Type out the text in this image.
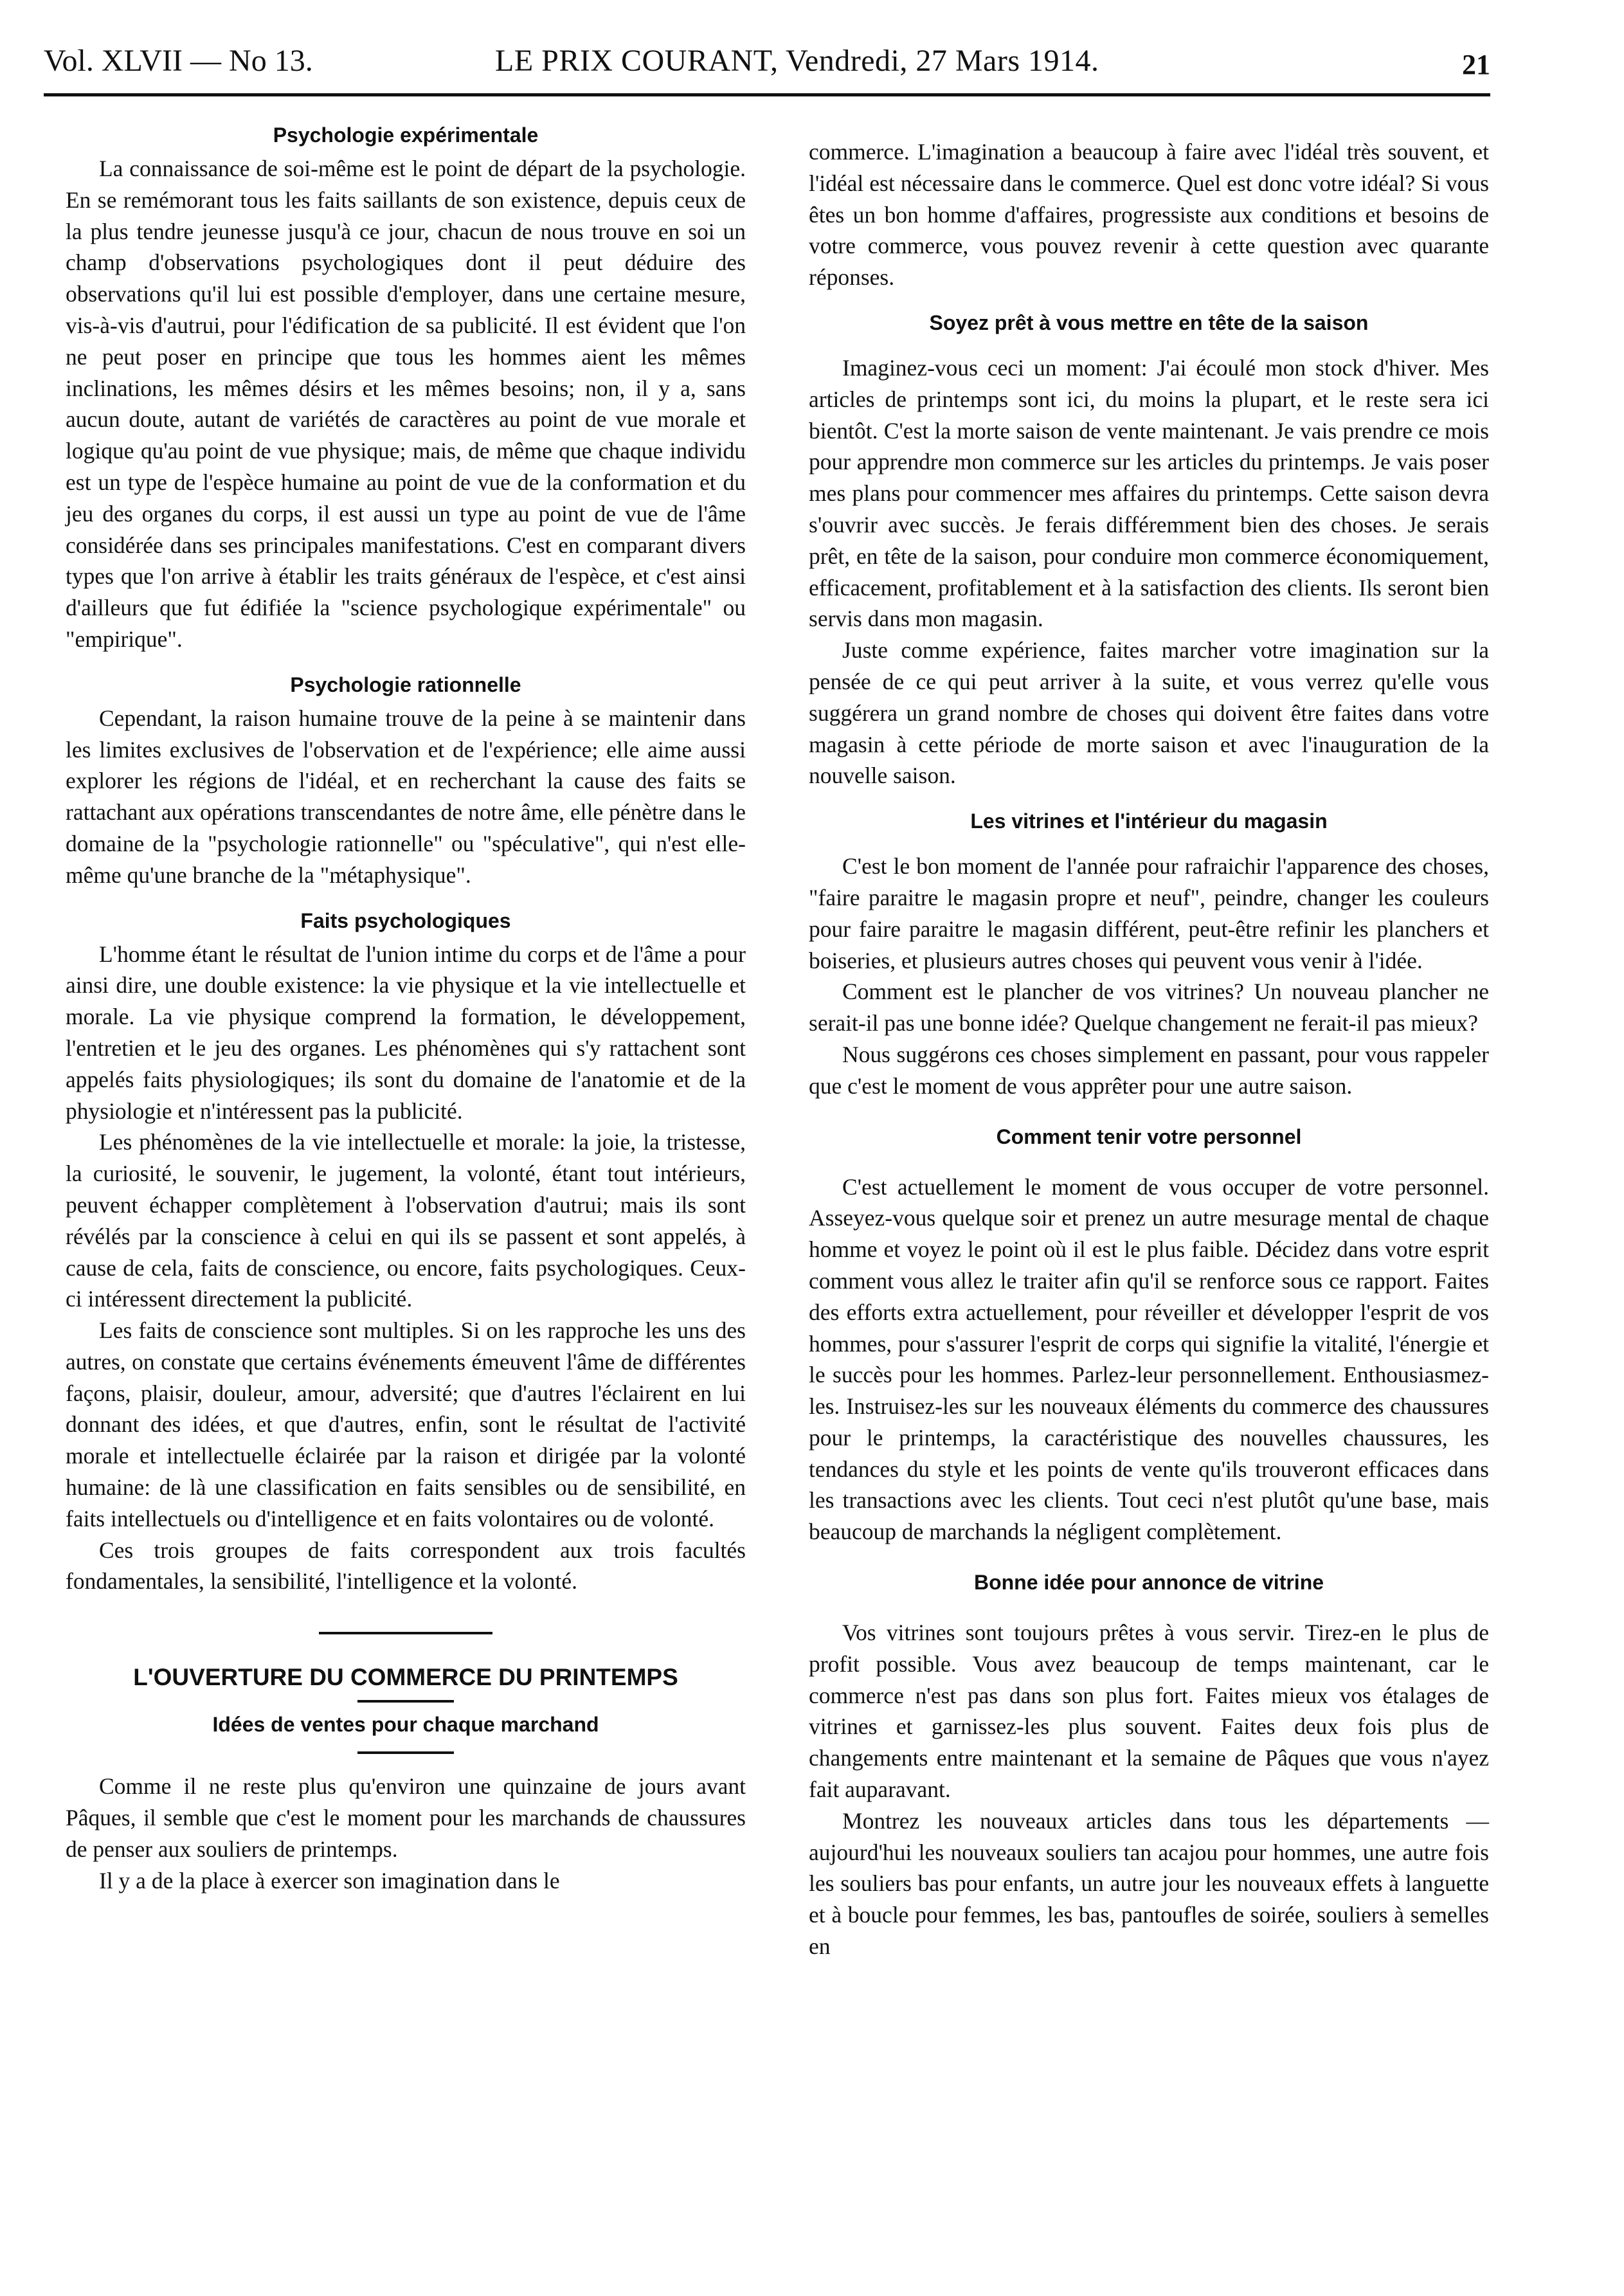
Vol. XLVII — No 13.	LE PRIX COURANT, Vendredi, 27 Mars 1914.	21
Psychologie expérimentale

La connaissance de soi-même est le point de départ de la psychologie. En se remémorant tous les faits saillants de son existence, depuis ceux de la plus tendre jeunesse jusqu'à ce jour, chacun de nous trouve en soi un champ d'observations psychologiques dont il peut déduire des observations qu'il lui est possible d'employer, dans une certaine mesure, vis-à-vis d'autrui, pour l'édification de sa publicité. Il est évident que l'on ne peut poser en principe que tous les hommes aient les mêmes inclinations, les mêmes désirs et les mêmes besoins; non, il y a, sans aucun doute, autant de variétés de caractères au point de vue morale et logique qu'au point de vue physique; mais, de même que chaque individu est un type de l'espèce humaine au point de vue de la conformation et du jeu des organes du corps, il est aussi un type au point de vue de l'âme considérée dans ses principales manifestations. C'est en comparant divers types que l'on arrive à établir les traits généraux de l'espèce, et c'est ainsi d'ailleurs que fut édifiée la "science psychologique expérimentale" ou "empirique".

Psychologie rationnelle

Cependant, la raison humaine trouve de la peine à se maintenir dans les limites exclusives de l'observation et de l'expérience; elle aime aussi explorer les régions de l'idéal, et en recherchant la cause des faits se rattachant aux opérations transcendantes de notre âme, elle pénètre dans le domaine de la "psychologie rationnelle" ou "spéculative", qui n'est elle-même qu'une branche de la "métaphysique".

Faits psychologiques

L'homme étant le résultat de l'union intime du corps et de l'âme a pour ainsi dire, une double existence: la vie physique et la vie intellectuelle et morale. La vie physique comprend la formation, le développement, l'entretien et le jeu des organes. Les phénomènes qui s'y rattachent sont appelés faits physiologiques; ils sont du domaine de l'anatomie et de la physiologie et n'intéressent pas la publicité.

Les phénomènes de la vie intellectuelle et morale: la joie, la tristesse, la curiosité, le souvenir, le jugement, la volonté, étant tout intérieurs, peuvent échapper complètement à l'observation d'autrui; mais ils sont révélés par la conscience à celui en qui ils se passent et sont appelés, à cause de cela, faits de conscience, ou encore, faits psychologiques. Ceux-ci intéressent directement la publicité.

Les faits de conscience sont multiples. Si on les rapproche les uns des autres, on constate que certains événements émeuvent l'âme de différentes façons, plaisir, douleur, amour, adversité; que d'autres l'éclairent en lui donnant des idées, et que d'autres, enfin, sont le résultat de l'activité morale et intellectuelle éclairée par la raison et dirigée par la volonté humaine: de là une classification en faits sensibles ou de sensibilité, en faits intellectuels ou d'intelligence et en faits volontaires ou de volonté.

Ces trois groupes de faits correspondent aux trois facultés fondamentales, la sensibilité, l'intelligence et la volonté.

L'OUVERTURE DU COMMERCE DU PRINTEMPS
Idées de ventes pour chaque marchand

Comme il ne reste plus qu'environ une quinzaine de jours avant Pâques, il semble que c'est le moment pour les marchands de chaussures de penser aux souliers de printemps.

Il y a de la place à exercer son imagination dans le

commerce. L'imagination a beaucoup à faire avec l'idéal très souvent, et l'idéal est nécessaire dans le commerce. Quel est donc votre idéal? Si vous êtes un bon homme d'affaires, progressiste aux conditions et besoins de votre commerce, vous pouvez revenir à cette question avec quarante réponses.

Soyez prêt à vous mettre en tête de la saison

Imaginez-vous ceci un moment: J'ai écoulé mon stock d'hiver. Mes articles de printemps sont ici, du moins la plupart, et le reste sera ici bientôt. C'est la morte saison de vente maintenant. Je vais prendre ce mois pour apprendre mon commerce sur les articles du printemps. Je vais poser mes plans pour commencer mes affaires du printemps. Cette saison devra s'ouvrir avec succès. Je ferais différemment bien des choses. Je serais prêt, en tête de la saison, pour conduire mon commerce économiquement, efficacement, profitablement et à la satisfaction des clients. Ils seront bien servis dans mon magasin.

Juste comme expérience, faites marcher votre imagination sur la pensée de ce qui peut arriver à la suite, et vous verrez qu'elle vous suggérera un grand nombre de choses qui doivent être faites dans votre magasin à cette période de morte saison et avec l'inauguration de la nouvelle saison.

Les vitrines et l'intérieur du magasin

C'est le bon moment de l'année pour rafraichir l'apparence des choses, "faire paraitre le magasin propre et neuf", peindre, changer les couleurs pour faire paraitre le magasin différent, peut-être refinir les planchers et boiseries, et plusieurs autres choses qui peuvent vous venir à l'idée.

Comment est le plancher de vos vitrines? Un nouveau plancher ne serait-il pas une bonne idée? Quelque changement ne ferait-il pas mieux?

Nous suggérons ces choses simplement en passant, pour vous rappeler que c'est le moment de vous apprêter pour une autre saison.

Comment tenir votre personnel

C'est actuellement le moment de vous occuper de votre personnel. Asseyez-vous quelque soir et prenez un autre mesurage mental de chaque homme et voyez le point où il est le plus faible. Décidez dans votre esprit comment vous allez le traiter afin qu'il se renforce sous ce rapport. Faites des efforts extra actuellement, pour réveiller et développer l'esprit de vos hommes, pour s'assurer l'esprit de corps qui signifie la vitalité, l'énergie et le succès pour les hommes. Parlez-leur personnellement. Enthousiasmez-les. Instruisez-les sur les nouveaux éléments du commerce des chaussures pour le printemps, la caractéristique des nouvelles chaussures, les tendances du style et les points de vente qu'ils trouveront efficaces dans les transactions avec les clients. Tout ceci n'est plutôt qu'une base, mais beaucoup de marchands la négligent complètement.

Bonne idée pour annonce de vitrine

Vos vitrines sont toujours prêtes à vous servir. Tirez-en le plus de profit possible. Vous avez beaucoup de temps maintenant, car le commerce n'est pas dans son plus fort. Faites mieux vos étalages de vitrines et garnissez-les plus souvent. Faites deux fois plus de changements entre maintenant et la semaine de Pâques que vous n'ayez fait auparavant.

Montrez les nouveaux articles dans tous les départements — aujourd'hui les nouveaux souliers tan acajou pour hommes, une autre fois les souliers bas pour enfants, un autre jour les nouveaux effets à languette et à boucle pour femmes, les bas, pantoufles de soirée, souliers à semelles en
